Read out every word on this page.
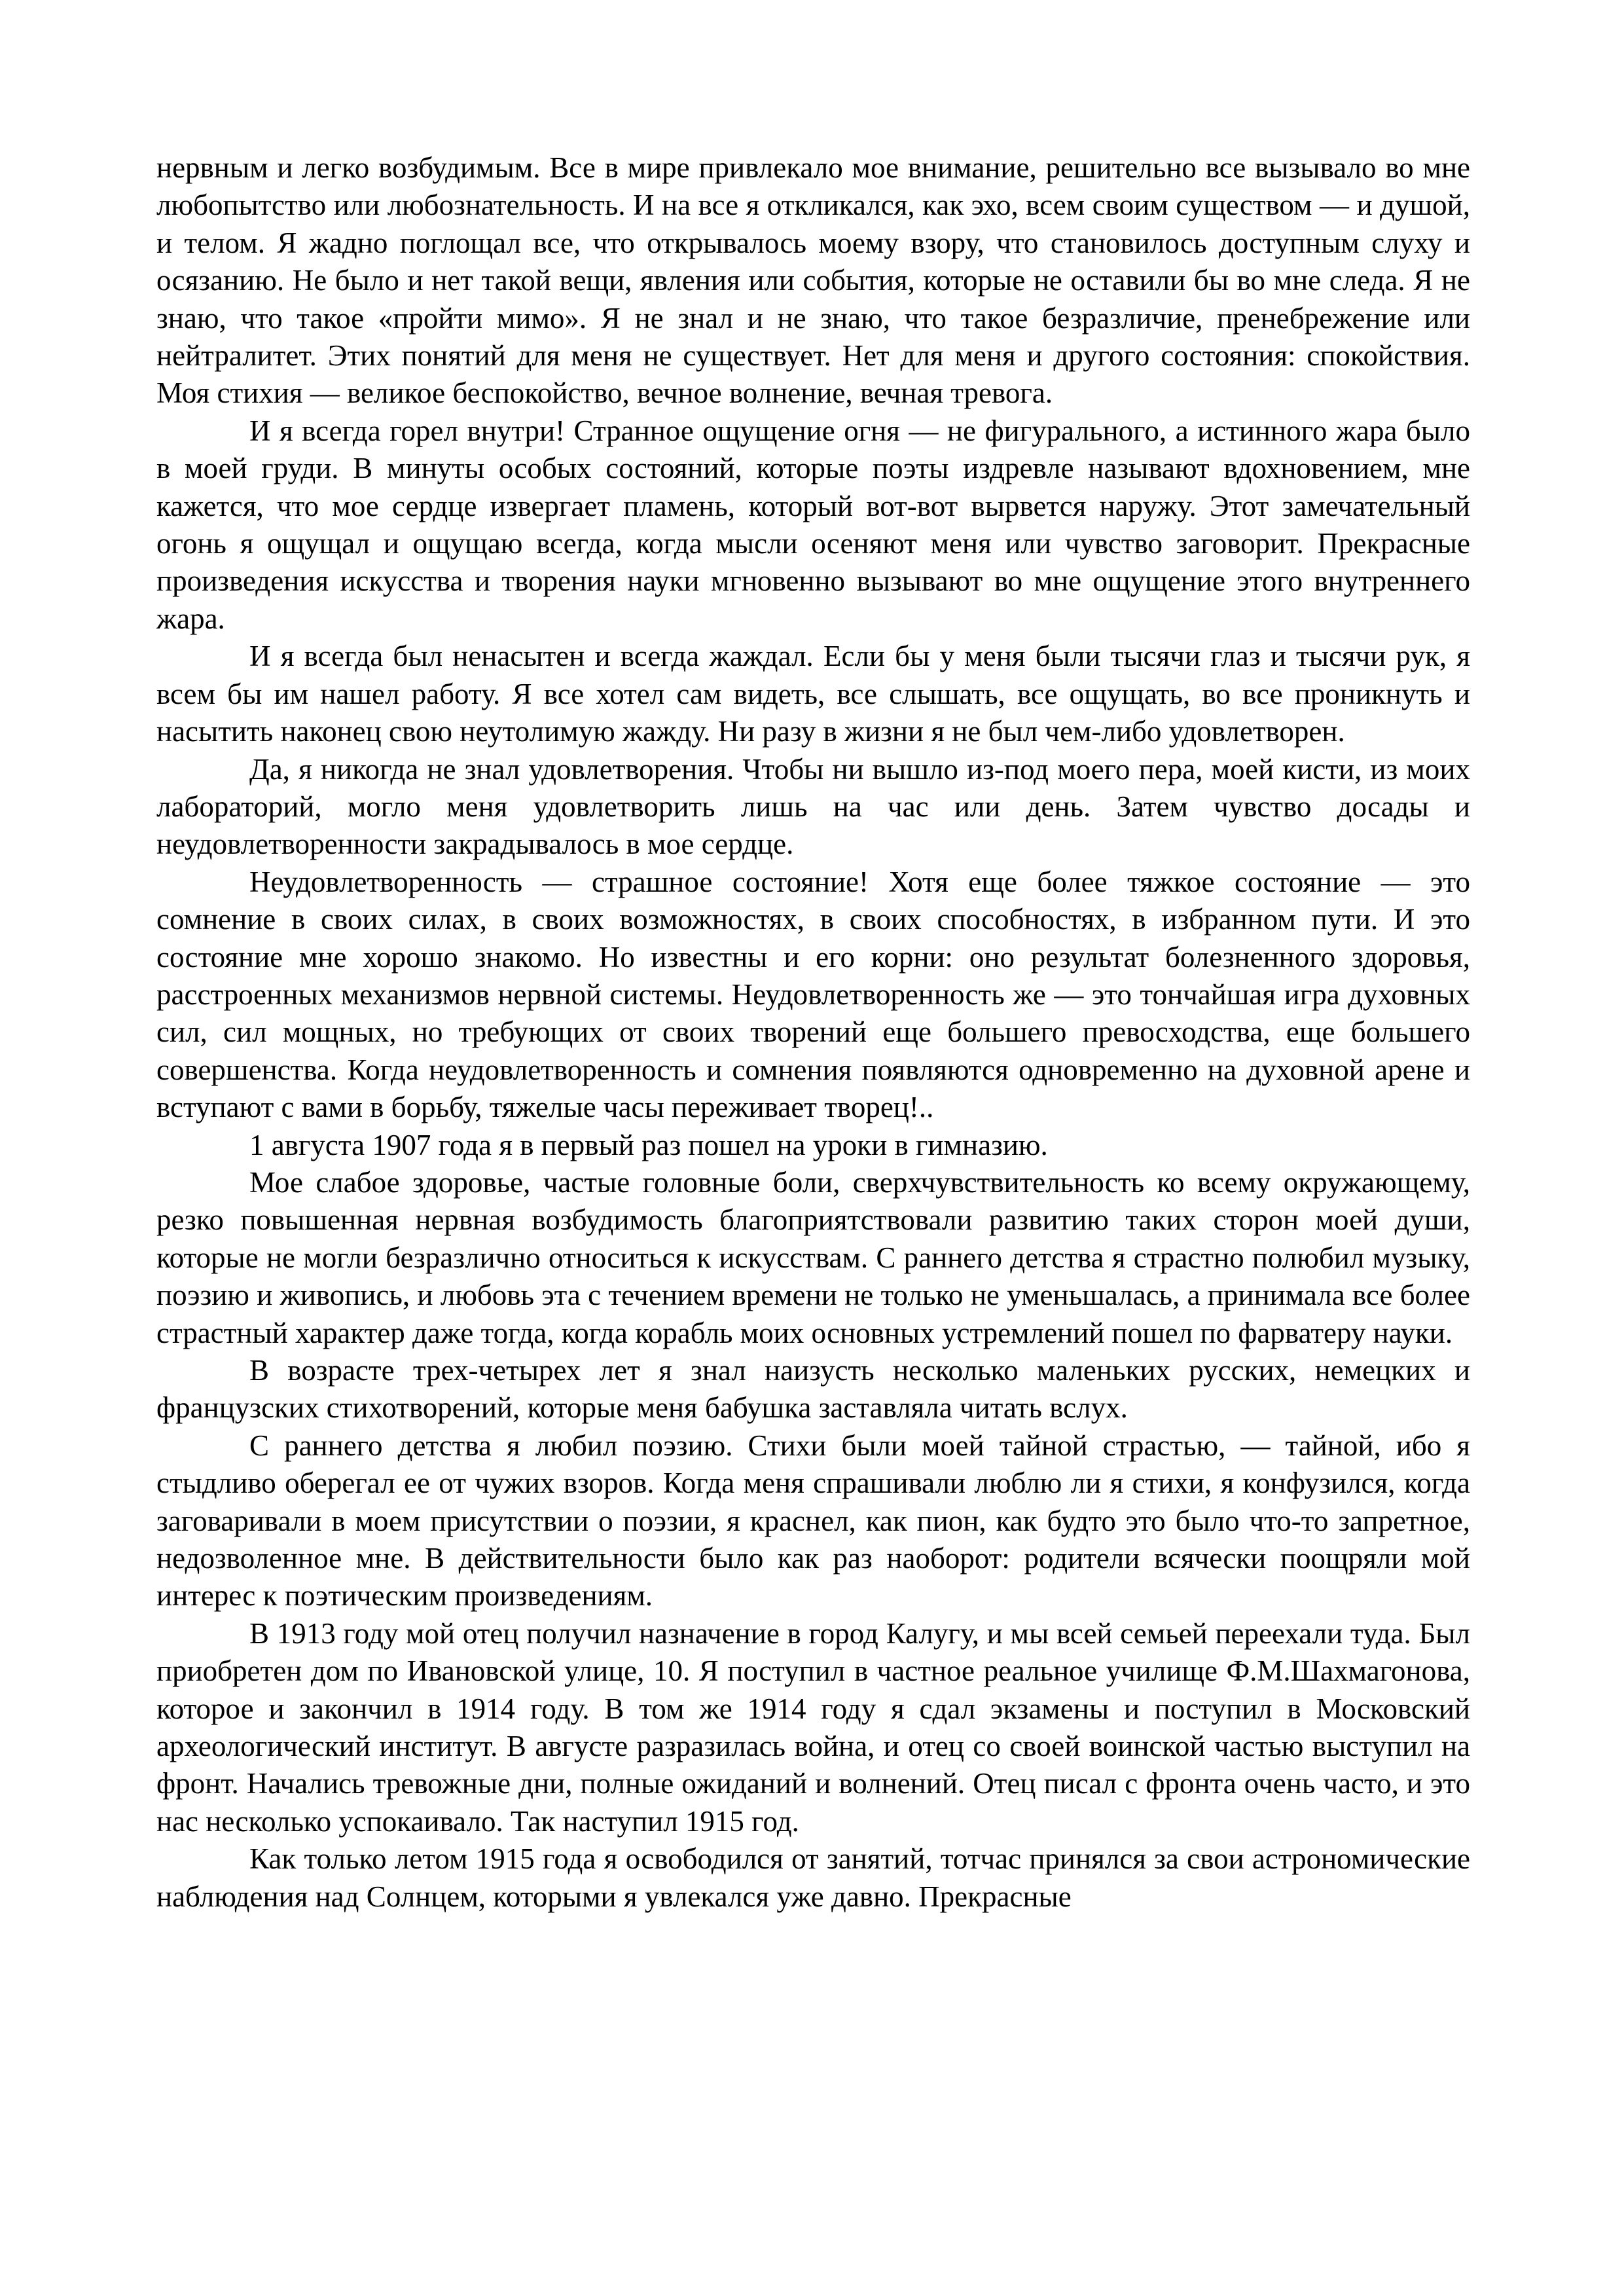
нервным и легко возбудимым. Все в мире привлекало мое внимание, решительно все вызывало во мне любопытство или любознательность. И на все я откликался, как эхо, всем своим существом — и душой, и телом. Я жадно поглощал все, что открывалось моему взору, что становилось доступным слуху и осязанию. Не было и нет такой вещи, явления или события, которые не оставили бы во мне следа. Я не знаю, что такое «пройти мимо». Я не знал и не знаю, что такое безразличие, пренебрежение или нейтралитет. Этих понятий для меня не существует. Нет для меня и другого состояния: спокойствия. Моя стихия — великое беспокойство, вечное волнение, вечная тревога.

И я всегда горел внутри! Странное ощущение огня — не фигурального, а истинного жара было в моей груди. В минуты особых состояний, которые поэты издревле называют вдохновением, мне кажется, что мое сердце извергает пламень, который вот-вот вырвется наружу. Этот замечательный огонь я ощущал и ощущаю всегда, когда мысли осеняют меня или чувство заговорит. Прекрасные произведения искусства и творения науки мгновенно вызывают во мне ощущение этого внутреннего жара.

И я всегда был ненасытен и всегда жаждал. Если бы у меня были тысячи глаз и тысячи рук, я всем бы им нашел работу. Я все хотел сам видеть, все слышать, все ощущать, во все проникнуть и насытить наконец свою неутолимую жажду. Ни разу в жизни я не был чем-либо удовлетворен.

Да, я никогда не знал удовлетворения. Чтобы ни вышло из-под моего пера, моей кисти, из моих лабораторий, могло меня удовлетворить лишь на час или день. Затем чувство досады и неудовлетворенности закрадывалось в мое сердце.

Неудовлетворенность — страшное состояние! Хотя еще более тяжкое состояние — это сомнение в своих силах, в своих возможностях, в своих способностях, в избранном пути. И это состояние мне хорошо знакомо. Но известны и его корни: оно результат болезненного здоровья, расстроенных механизмов нервной системы. Неудовлетворенность же — это тончайшая игра духовных сил, сил мощных, но требующих от своих творений еще большего превосходства, еще большего совершенства. Когда неудовлетворенность и сомнения появляются одновременно на духовной арене и вступают с вами в борьбу, тяжелые часы переживает творец!..

1 августа 1907 года я в первый раз пошел на уроки в гимназию.

Мое слабое здоровье, частые головные боли, сверхчувствительность ко всему окружающему, резко повышенная нервная возбудимость благоприятствовали развитию таких сторон моей души, которые не могли безразлично относиться к искусствам. С раннего детства я страстно полюбил музыку, поэзию и живопись, и любовь эта с течением времени не только не уменьшалась, а принимала все более страстный характер даже тогда, когда корабль моих основных устремлений пошел по фарватеру науки.

В возрасте трех-четырех лет я знал наизусть несколько маленьких русских, немецких и французских стихотворений, которые меня бабушка заставляла читать вслух.

С раннего детства я любил поэзию. Стихи были моей тайной страстью, — тайной, ибо я стыдливо оберегал ее от чужих взоров. Когда меня спрашивали люблю ли я стихи, я конфузился, когда заговаривали в моем присутствии о поэзии, я краснел, как пион, как будто это было что-то запретное, недозволенное мне. В действительности было как раз наоборот: родители всячески поощряли мой интерес к поэтическим произведениям.

В 1913 году мой отец получил назначение в город Калугу, и мы всей семьей переехали туда. Был приобретен дом по Ивановской улице, 10. Я поступил в частное реальное училище Ф.М.Шахмагонова, которое и закончил в 1914 году. В том же 1914 году я сдал экзамены и поступил в Московский археологический институт. В августе разразилась война, и отец со своей воинской частью выступил на фронт. Начались тревожные дни, полные ожиданий и волнений. Отец писал с фронта очень часто, и это нас несколько успокаивало. Так наступил 1915 год.

Как только летом 1915 года я освободился от занятий, тотчас принялся за свои астрономические наблюдения над Солнцем, которыми я увлекался уже давно. Прекрасные
